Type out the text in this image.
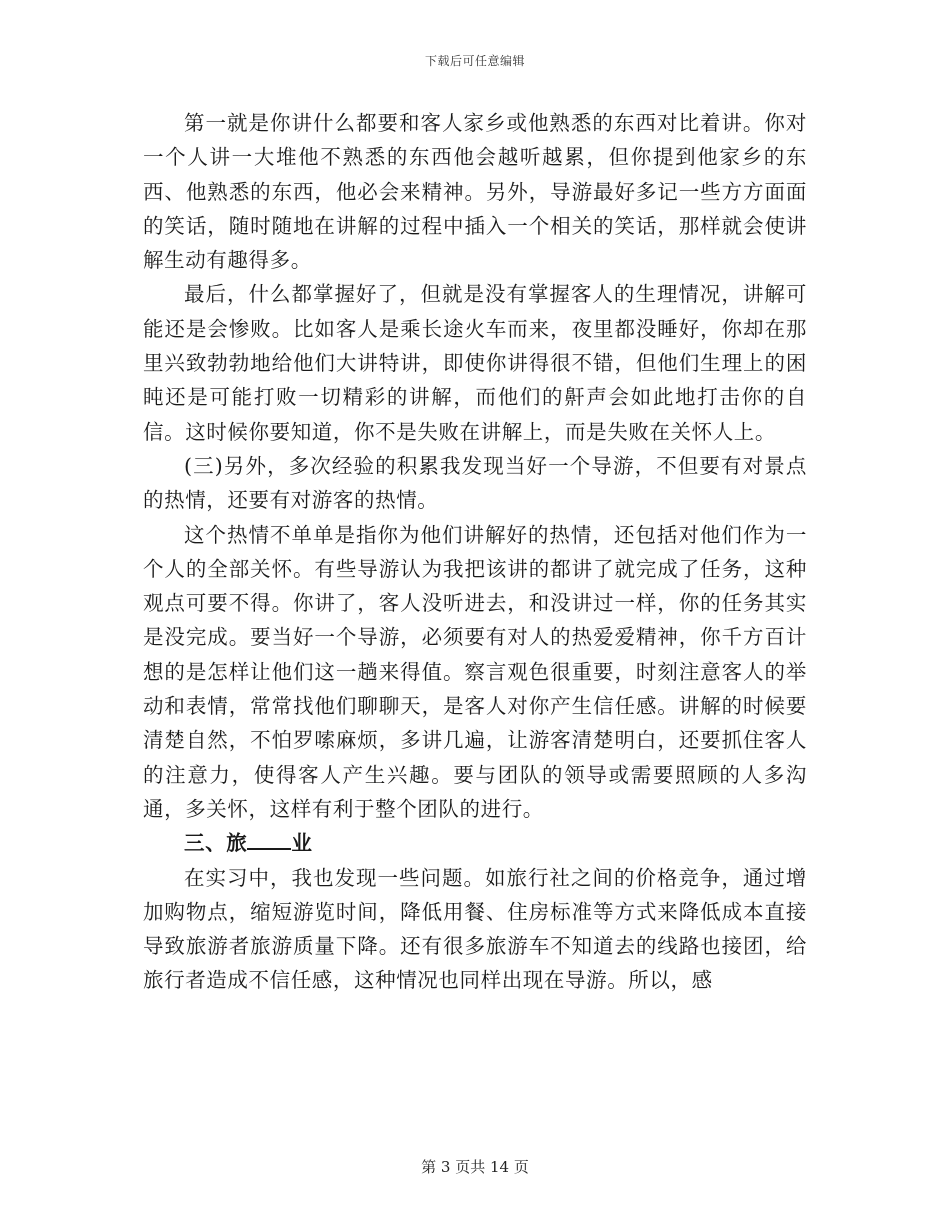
下载后可任意编辑

第一就是你讲什么都要和客人家乡或他熟悉的东西对比着讲。你对一个人讲一大堆他不熟悉的东西他会越听越累，但你提到他家乡的东西、他熟悉的东西，他必会来精神。另外，导游最好多记一些方方面面的笑话，随时随地在讲解的过程中插入一个相关的笑话，那样就会使讲解生动有趣得多。

最后，什么都掌握好了，但就是没有掌握客人的生理情况，讲解可能还是会惨败。比如客人是乘长途火车而来，夜里都没睡好，你却在那里兴致勃勃地给他们大讲特讲，即使你讲得很不错，但他们生理上的困盹还是可能打败一切精彩的讲解，而他们的鼾声会如此地打击你的自信。这时候你要知道，你不是失败在讲解上，而是失败在关怀人上。

(三)另外，多次经验的积累我发现当好一个导游，不但要有对景点的热情，还要有对游客的热情。

这个热情不单单是指你为他们讲解好的热情，还包括对他们作为一个人的全部关怀。有些导游认为我把该讲的都讲了就完成了任务，这种观点可要不得。你讲了，客人没听进去，和没讲过一样，你的任务其实是没完成。要当好一个导游，必须要有对人的热爱爱精神，你千方百计想的是怎样让他们这一趟来得值。察言观色很重要，时刻注意客人的举动和表情，常常找他们聊聊天，是客人对你产生信任感。讲解的时候要清楚自然，不怕罗嗦麻烦，多讲几遍，让游客清楚明白，还要抓住客人的注意力，使得客人产生兴趣。要与团队的领导或需要照顾的人多沟通，多关怀，这样有利于整个团队的进行。

三、旅 业

在实习中，我也发现一些问题。如旅行社之间的价格竞争，通过增加购物点，缩短游览时间，降低用餐、住房标准等方式来降低成本直接导致旅游者旅游质量下降。还有很多旅游车不知道去的线路也接团，给旅行者造成不信任感，这种情况也同样出现在导游。所以，感

第 3 页共 14 页
